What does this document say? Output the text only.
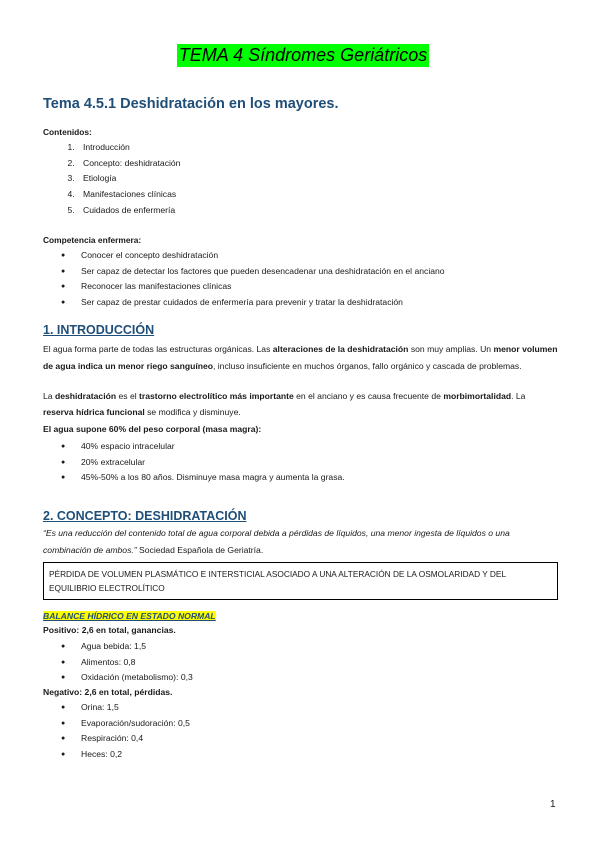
TEMA 4 Síndromes Geriátricos
Tema 4.5.1 Deshidratación en los mayores.
Contenidos:
1. Introducción
2. Concepto: deshidratación
3. Etiología
4. Manifestaciones clínicas
5. Cuidados de enfermería
Competencia enfermera:
● Conocer el concepto deshidratación
● Ser capaz de detectar los factores que pueden desencadenar una deshidratación en el anciano
● Reconocer las manifestaciones clínicas
● Ser capaz de prestar cuidados de enfermería para prevenir y tratar la deshidratación
1. INTRODUCCIÓN

El agua forma parte de todas las estructuras orgánicas. Las alteraciones de la deshidratación son muy amplias. Un menor volumen de agua indica un menor riego sanguíneo, incluso insuficiente en muchos órganos, fallo orgánico y cascada de problemas.

La deshidratación es el trastorno electrolítico más importante en el anciano y es causa frecuente de morbimortalidad. La reserva hídrica funcional se modifica y disminuye.

El agua supone 60% del peso corporal (masa magra):

● 40% espacio intracelular
● 20% extracelular
● 45%-50% a los 80 años. Disminuye masa magra y aumenta la grasa.
2. CONCEPTO: DESHIDRATACIÓN

“Es una reducción del contenido total de agua corporal debida a pérdidas de líquidos, una menor ingesta de líquidos o una combinación de ambos.” Sociedad Española de Geriatría.

PÉRDIDA DE VOLUMEN PLASMÁTICO E INTERSTICIAL ASOCIADO A UNA ALTERACIÓN DE LA OSMOLARIDAD Y DEL EQUILIBRIO ELECTROLÍTICO
BALANCE HÍDRICO EN ESTADO NORMAL
Positivo: 2,6 en total, ganancias.
● Agua bebida: 1,5
● Alimentos: 0,8
● Oxidación (metabolismo): 0,3
Negativo: 2,6 en total, pérdidas.
● Orina: 1,5
● Evaporación/sudoración: 0,5
● Respiración: 0,4
● Heces: 0,2
1
